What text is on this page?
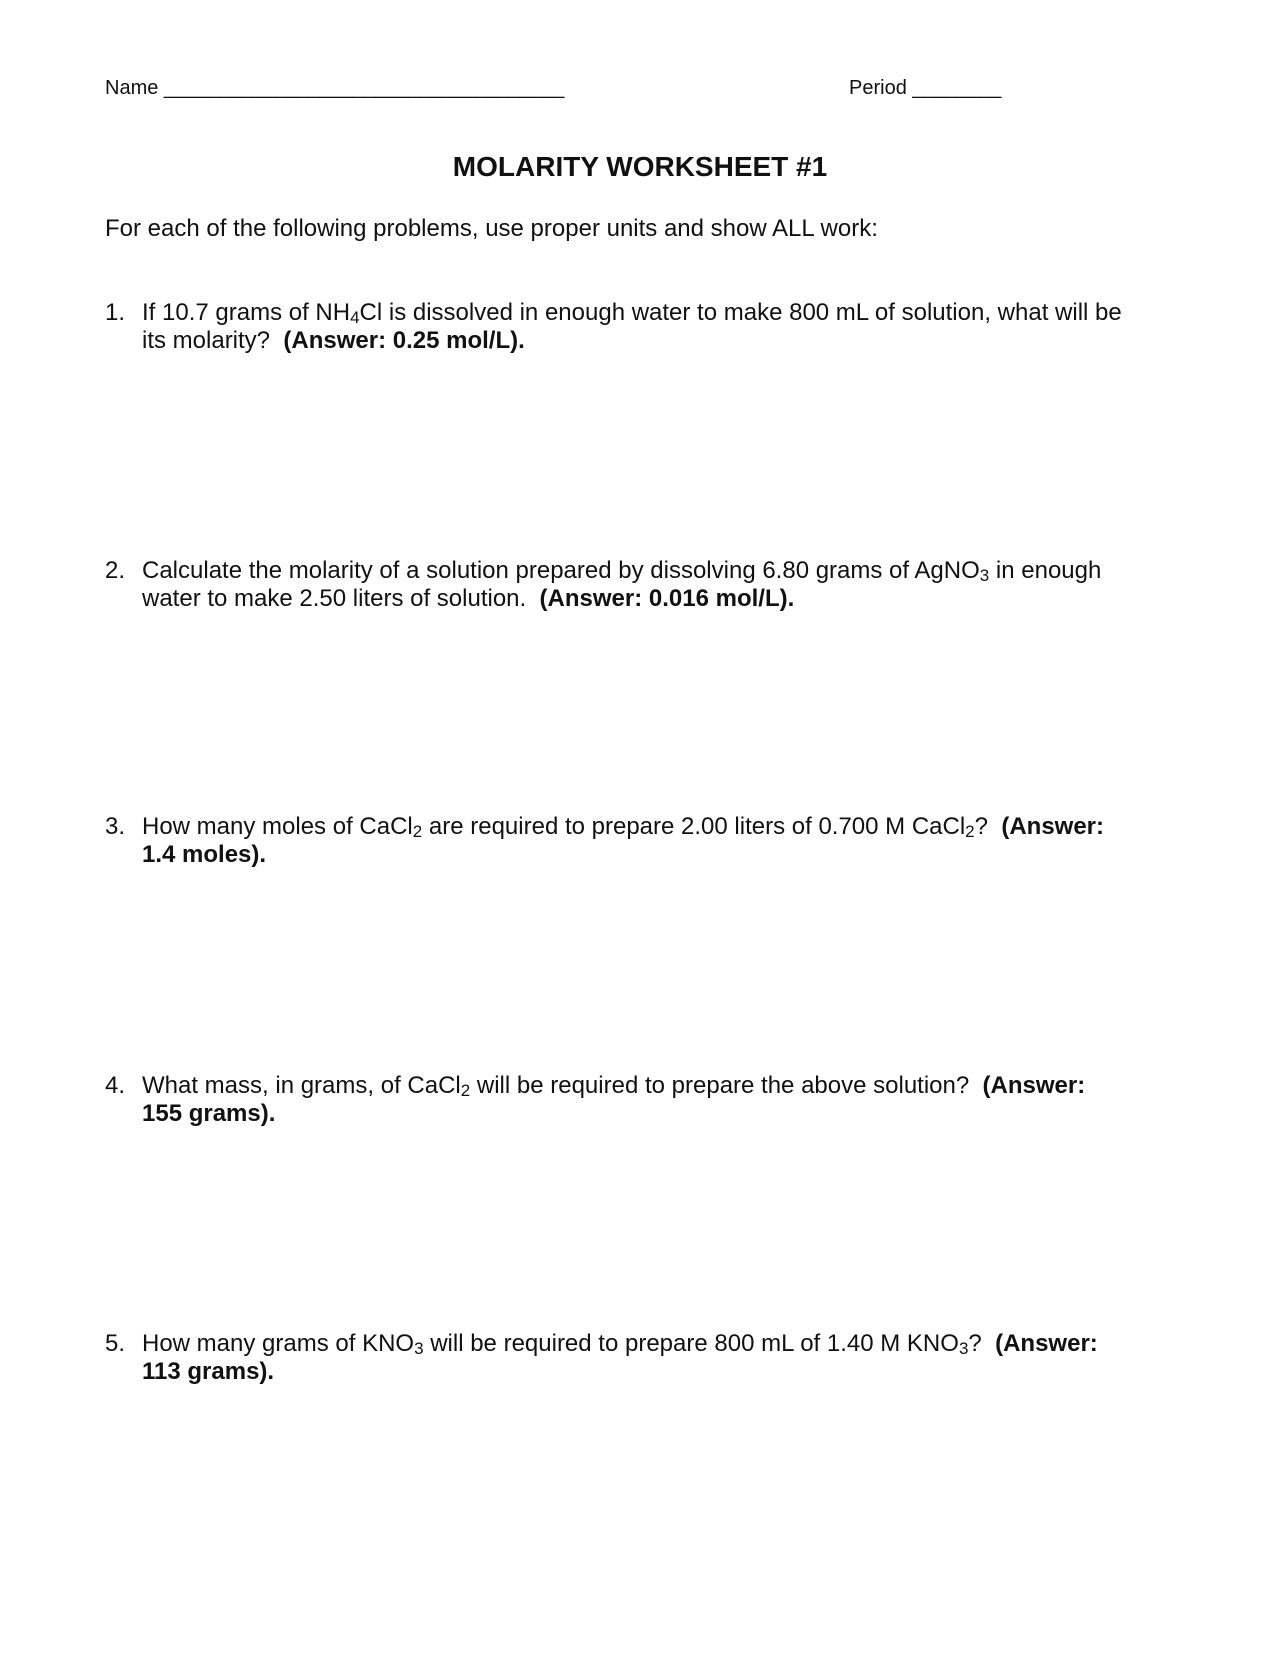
Name ____________________________________	Period ________
MOLARITY WORKSHEET #1

For each of the following problems, use proper units and show ALL work:

1. If 10.7 grams of $NH_4Cl$ is dissolved in enough water to make 800 mL of solution, what will be
its molarity?  (Answer: 0.25 mol/L).
2. Calculate the molarity of a solution prepared by dissolving 6.80 grams of AgNO$_3$ in enough
water to make 2.50 liters of solution.  (Answer: 0.016 mol/L).
3. How many moles of CaCl$_2$ are required to prepare 2.00 liters of 0.700 M CaCl$_2$?  (Answer:
1.4 moles).
4. What mass, in grams, of CaCl$_2$ will be required to prepare the above solution?  (Answer:
155 grams).
5. How many grams of $KNO_3$ will be required to prepare 800 mL of 1.40 M $KNO_3$?  (Answer:
113 grams).
